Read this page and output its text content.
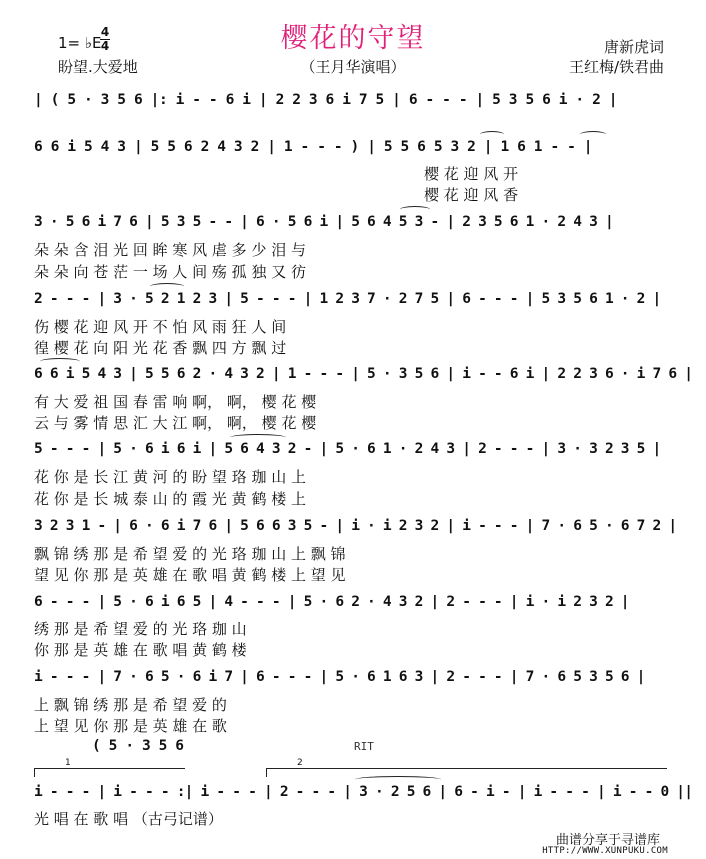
樱花的守望
1= ♭E
4
4
盼望.大爱地	（王月华演唱）
唐新虎词
王红梅/铁君曲
| ( 5 · 3 5 6 |: i - - 6 i | 2 2 3 6 i 7 5 | 6 - - - | 5 3 5 6 i · 2 |
6 6 i 5 4 3 | 5 5 6 2 4 3 2 | 1 - - - ) | 5 5 6 5 3 2 | 1 6 1 - - |
樱 花 迎 风 开
樱 花 迎 风 香
3 · 5 6 i 7 6 | 5 3 5 - - | 6 · 5 6 i | 5 6 4 5 3 - | 2 3 5 6 1 · 2 4 3 |
朵 朵 含 泪 光 回 眸 寒 风 虐 多 少 泪 与
朵 朵 向 苍 茫 一 场 人 间 殇 孤 独 又 彷
2 - - - | 3 · 5 2 1 2 3 | 5 - - - | 1 2 3 7 · 2 7 5 | 6 - - - | 5 3 5 6 1 · 2 |
伤 樱 花 迎 风 开 不 怕 风 雨 狂 人 间
徨 樱 花 向 阳 光 花 香 飘 四 方 飘 过
6 6 i 5 4 3 | 5 5 6 2 · 4 3 2 | 1 - - - | 5 · 3 5 6 | i - - 6 i | 2 2 3 6 · i 7 6 |
有 大 爱 祖 国 春 雷 响 啊， 啊， 樱 花 樱
云 与 雾 情 思 汇 大 江 啊， 啊， 樱 花 樱
5 - - - | 5 · 6 i 6 i | 5 6 4 3 2 - | 5 · 6 1 · 2 4 3 | 2 - - - | 3 · 3 2 3 5 |
花 你 是 长 江 黄 河 的 盼 望 珞 珈 山 上
花 你 是 长 城 泰 山 的 霞 光 黄 鹤 楼 上
3 2 3 1 - | 6 · 6 i 7 6 | 5 6 6 3 5 - | i · i 2 3 2 | i - - - | 7 · 6 5 · 6 7 2 |
飘 锦 绣 那 是 希 望 爱 的 光 珞 珈 山 上 飘 锦
望 见 你 那 是 英 雄 在 歌 唱 黄 鹤 楼 上 望 见
6 - - - | 5 · 6 i 6 5 | 4 - - - | 5 · 6 2 · 4 3 2 | 2 - - - | i · i 2 3 2 |
绣 那 是 希 望 爱 的 光 珞 珈 山
你 那 是 英 雄 在 歌 唱 黄 鹤 楼
i - - - | 7 · 6 5 · 6 i 7 | 6 - - - | 5 · 6 1 6 3 | 2 - - - | 7 · 6 5 3 5 6 |
上 飘 锦 绣 那 是 希 望 爱 的
上 望 见 你 那 是 英 雄 在 歌
( 5 · 3 5 6	RIT
1	2
i - - - | i - - - :| i - - - | 2 - - - | 3 · 2 5 6 | 6 - i - | i - - - | i - - 0 ||
光 唱 在 歌 唱 （古弓记谱）
曲谱分享于寻谱库
HTTP://WWW.XUNPUKU.COM
